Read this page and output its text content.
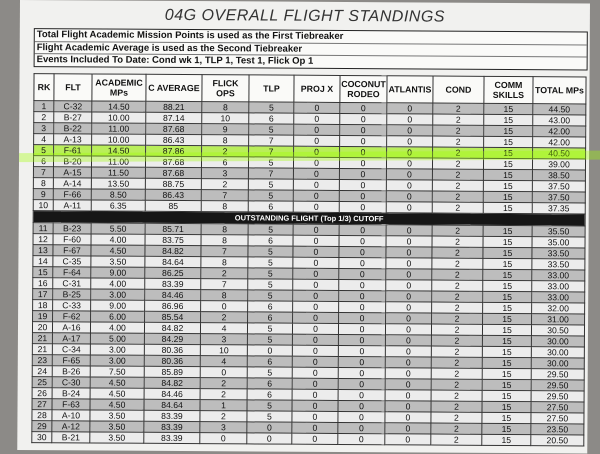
04G OVERALL FLIGHT STANDINGS
Total Flight Academic Mission Points is used as the First Tiebreaker
Flight Academic Average is used as the Second Tiebreaker
Events Included To Date: Cond wk 1, TLP 1, Test 1, Flick Op 1
RK	FLT	ACADEMIC MPs	C AVERAGE	FLICK OPS	TLP	PROJ X	COCONUT RODEO	ATLANTIS	COND	COMM SKILLS	TOTAL MPs
1	C-32	14.50	88.21	8	5	0	0	0	2	15	44.50
2	B-27	10.00	87.14	10	6	0	0	0	2	15	43.00
3	B-22	11.00	87.68	9	5	0	0	0	2	15	42.00
4	A-13	10.00	86.43	8	7	0	0	0	2	15	42.00
5	F-61	14.50	87.86	2	7	0	0	0	2	15	40.50
6	B-20	11.00	87.68	6	5	0	0	0	2	15	39.00
7	A-15	11.50	87.68	3	7	0	0	0	2	15	38.50
8	A-14	13.50	88.75	2	5	0	0	0	2	15	37.50
9	F-66	8.50	86.43	7	5	0	0	0	2	15	37.50
10	A-11	6.35	85	8	6	0	0	0	2	15	37.35
OUTSTANDING FLIGHT (Top 1/3) CUTOFF											
11	B-23	5.50	85.71	8	5	0	0	0	2	15	35.50
12	F-60	4.00	83.75	8	6	0	0	0	2	15	35.00
13	F-67	4.50	84.82	7	5	0	0	0	2	15	33.50
14	C-35	3.50	84.64	8	5	0	0	0	2	15	33.50
15	F-64	9.00	86.25	2	5	0	0	0	2	15	33.00
16	C-31	4.00	83.39	7	5	0	0	0	2	15	33.00
17	B-25	3.00	84.46	8	5	0	0	0	2	15	33.00
18	C-33	9.00	86.96	0	6	0	0	0	2	15	32.00
19	F-62	6.00	85.54	2	6	0	0	0	2	15	31.00
20	A-16	4.00	84.82	4	5	0	0	0	2	15	30.50
21	A-17	5.00	84.29	3	5	0	0	0	2	15	30.00
21	C-34	3.00	80.36	10	0	0	0	0	2	15	30.00
23	F-65	3.00	80.36	4	6	0	0	0	2	15	30.00
24	B-26	7.50	85.89	0	5	0	0	0	2	15	29.50
25	C-30	4.50	84.82	2	6	0	0	0	2	15	29.50
26	B-24	4.50	84.46	2	6	0	0	0	2	15	29.50
27	F-63	4.50	84.64	1	5	0	0	0	2	15	27.50
28	A-10	3.50	83.39	2	5	0	0	0	2	15	27.50
29	A-12	3.50	83.39	3	0	0	0	0	2	15	23.50
30	B-21	3.50	83.39	0	0	0	0	0	2	15	20.50
